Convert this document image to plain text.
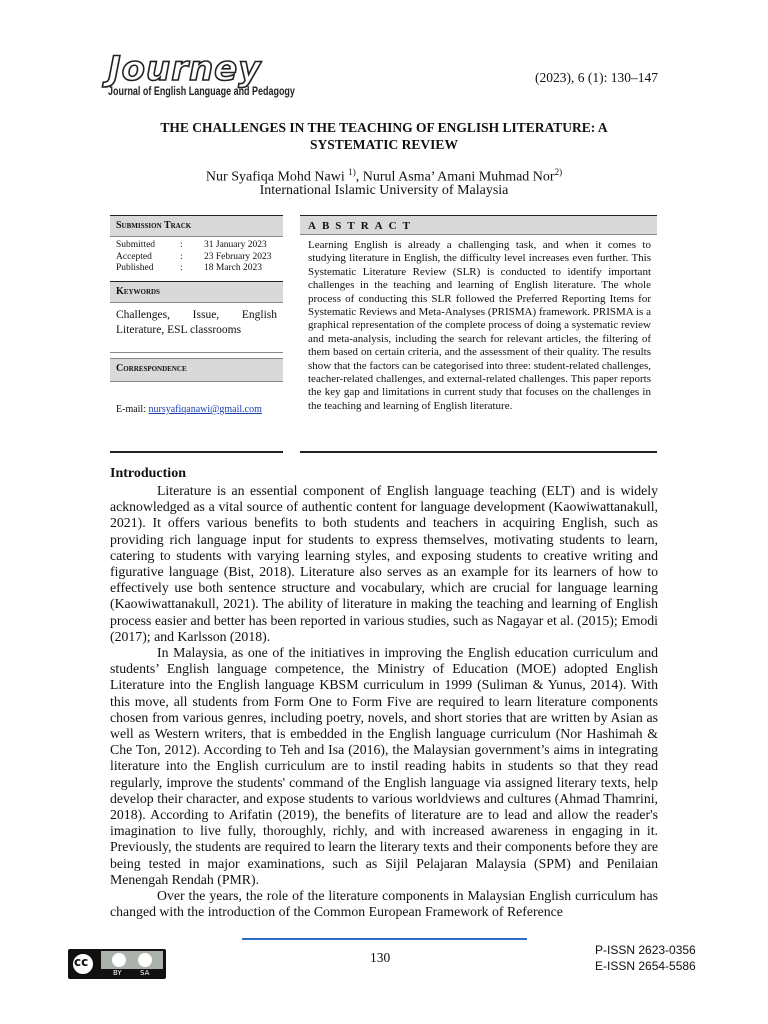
Journey
Journal of English Language and Pedagogy
(2023), 6 (1): 130–147
THE CHALLENGES IN THE TEACHING OF ENGLISH LITERATURE: A
SYSTEMATIC REVIEW
Nur Syafiqa Mohd Nawi $^{1)}$, Nurul Asma’ Amani Muhmad Nor$^{2)}$
International Islamic University of Malaysia
Submission Track
Submitted	:	31 January 2023
Accepted	:	23 February 2023
Published	:	18 March 2023
Keywords
Challenges, Issue, English Literature, ESL classrooms
Correspondence
E-mail: nursyafiqanawi@gmail.com
ABSTRACT
Learning English is already a challenging task, and when it comes to studying literature in English, the difficulty level increases even further. This Systematic Literature Review (SLR) is conducted to identify important challenges in the teaching and learning of English literature. The whole process of conducting this SLR followed the Preferred Reporting Items for Systematic Reviews and Meta-Analyses (PRISMA) framework. PRISMA is a graphical representation of the complete process of doing a systematic review and meta-analysis, including the search for relevant articles, the filtering of them based on certain criteria, and the assessment of their quality. The results show that the factors can be categorised into three: student-related challenges, teacher-related challenges, and external-related challenges. This paper reports the key gap and limitations in current study that focuses on the challenges in the teaching and learning of English literature.
Introduction

Literature is an essential component of English language teaching (ELT) and is widely acknowledged as a vital source of authentic content for language development (Kaowiwattanakull, 2021). It offers various benefits to both students and teachers in acquiring English, such as providing rich language input for students to express themselves, motivating students to learn, catering to students with varying learning styles, and exposing students to creative writing and figurative language (Bist, 2018). Literature also serves as an example for its learners of how to effectively use both sentence structure and vocabulary, which are crucial for language learning (Kaowiwattanakull, 2021). The ability of literature in making the teaching and learning of English process easier and better has been reported in various studies, such as Nagayar et al. (2015); Emodi (2017); and Karlsson (2018).

In Malaysia, as one of the initiatives in improving the English education curriculum and students’ English language competence, the Ministry of Education (MOE) adopted English Literature into the English language KBSM curriculum in 1999 (Suliman & Yunus, 2014). With this move, all students from Form One to Form Five are required to learn literature components chosen from various genres, including poetry, novels, and short stories that are written by Asian as well as Western writers, that is embedded in the English language curriculum (Nor Hashimah & Che Ton, 2012). According to Teh and Isa (2016), the Malaysian government’s aims in integrating literature into the English curriculum are to instil reading habits in students so that they read regularly, improve the students' command of the English language via assigned literary texts, help develop their character, and expose students to various worldviews and cultures (Ahmad Thamrini, 2018). According to Arifatin (2019), the benefits of literature are to lead and allow the reader's imagination to live fully, thoroughly, richly, and with increased awareness in engaging in it. Previously, the students are required to learn the literary texts and their components before they are being tested in major examinations, such as Sijil Pelajaran Malaysia (SPM) and Penilaian Menengah Rendah (PMR).

Over the years, the role of the literature components in Malaysian English curriculum has changed with the introduction of the Common European Framework of Reference

cc
BY	SA
130	P-ISSN 2623-0356
E-ISSN 2654-5586
